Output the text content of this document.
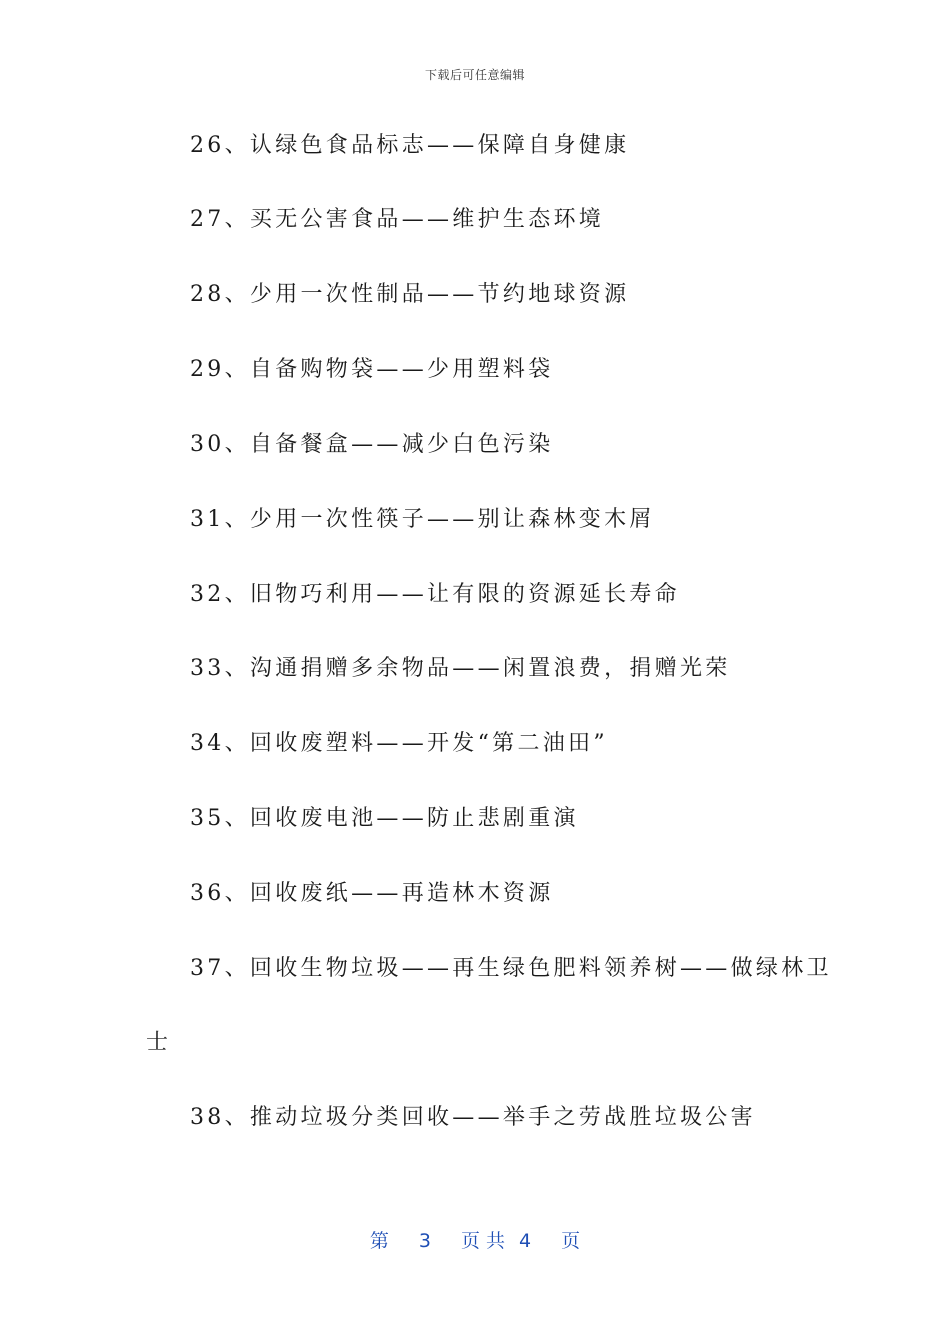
下载后可任意编辑
26、认绿色食品标志——保障自身健康
27、买无公害食品——维护生态环境
28、少用一次性制品——节约地球资源
29、自备购物袋——少用塑料袋
30、自备餐盒——减少白色污染
31、少用一次性筷子——别让森林变木屑
32、旧物巧利用——让有限的资源延长寿命
33、沟通捐赠多余物品——闲置浪费，捐赠光荣
34、回收废塑料——开发“第二油田”
35、回收废电池——防止悲剧重演
36、回收废纸——再造林木资源
37、回收生物垃圾——再生绿色肥料领养树——做绿林卫
士
38、推动垃圾分类回收——举手之劳战胜垃圾公害
第 3 页 共 4 页
